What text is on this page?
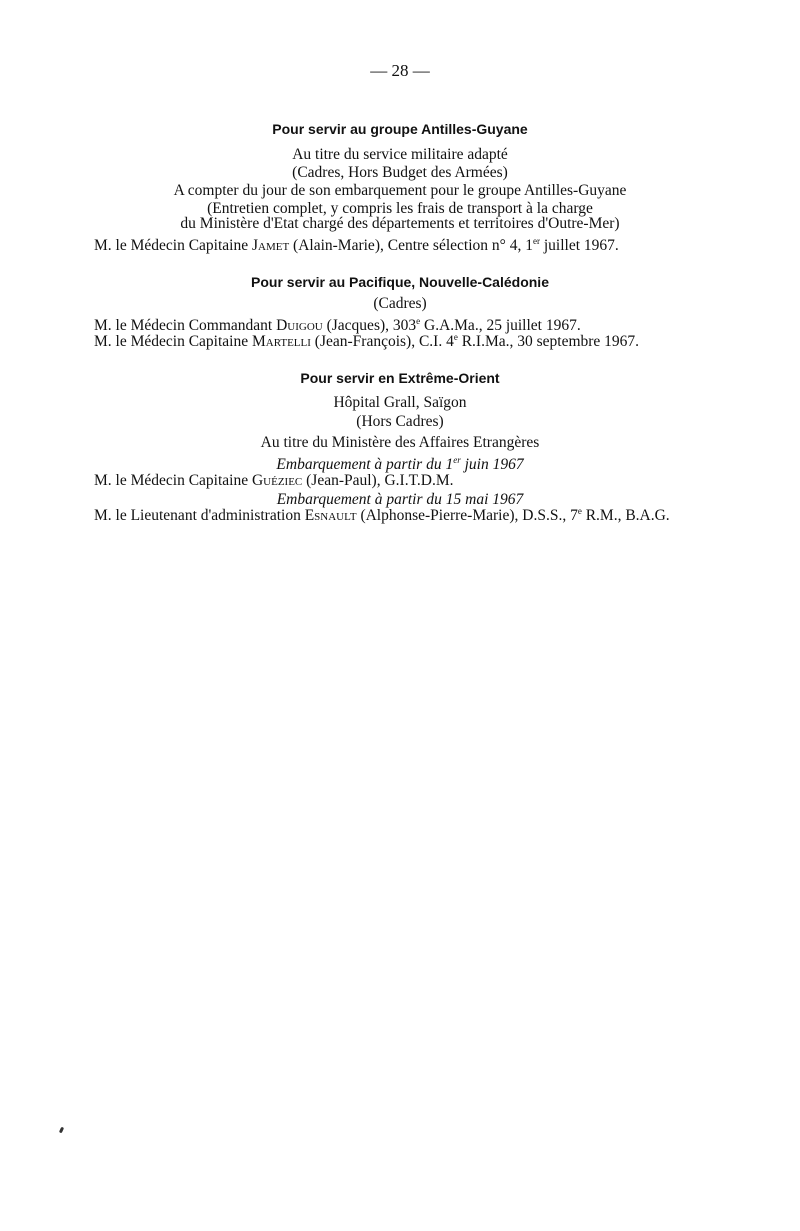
— 28 —
Pour servir au groupe Antilles-Guyane
Au titre du service militaire adapté
(Cadres, Hors Budget des Armées)
A compter du jour de son embarquement pour le groupe Antilles-Guyane
(Entretien complet, y compris les frais de transport à la charge
du Ministère d'Etat chargé des départements et territoires d'Outre-Mer)
M. le Médecin Capitaine Jamet (Alain-Marie), Centre sélection n° 4, 1er juillet 1967.
Pour servir au Pacifique, Nouvelle-Calédonie
(Cadres)
M. le Médecin Commandant Duigou (Jacques), 303e G.A.Ma., 25 juillet 1967.
M. le Médecin Capitaine Martelli (Jean-François), C.I. 4e R.I.Ma., 30 septembre 1967.
Pour servir en Extrême-Orient
Hôpital Grall, Saïgon
(Hors Cadres)
Au titre du Ministère des Affaires Etrangères
Embarquement à partir du 1er juin 1967
M. le Médecin Capitaine Guéziec (Jean-Paul), G.I.T.D.M.
Embarquement à partir du 15 mai 1967
M. le Lieutenant d'administration Esnault (Alphonse-Pierre-Marie), D.S.S., 7e R.M., B.A.G.
